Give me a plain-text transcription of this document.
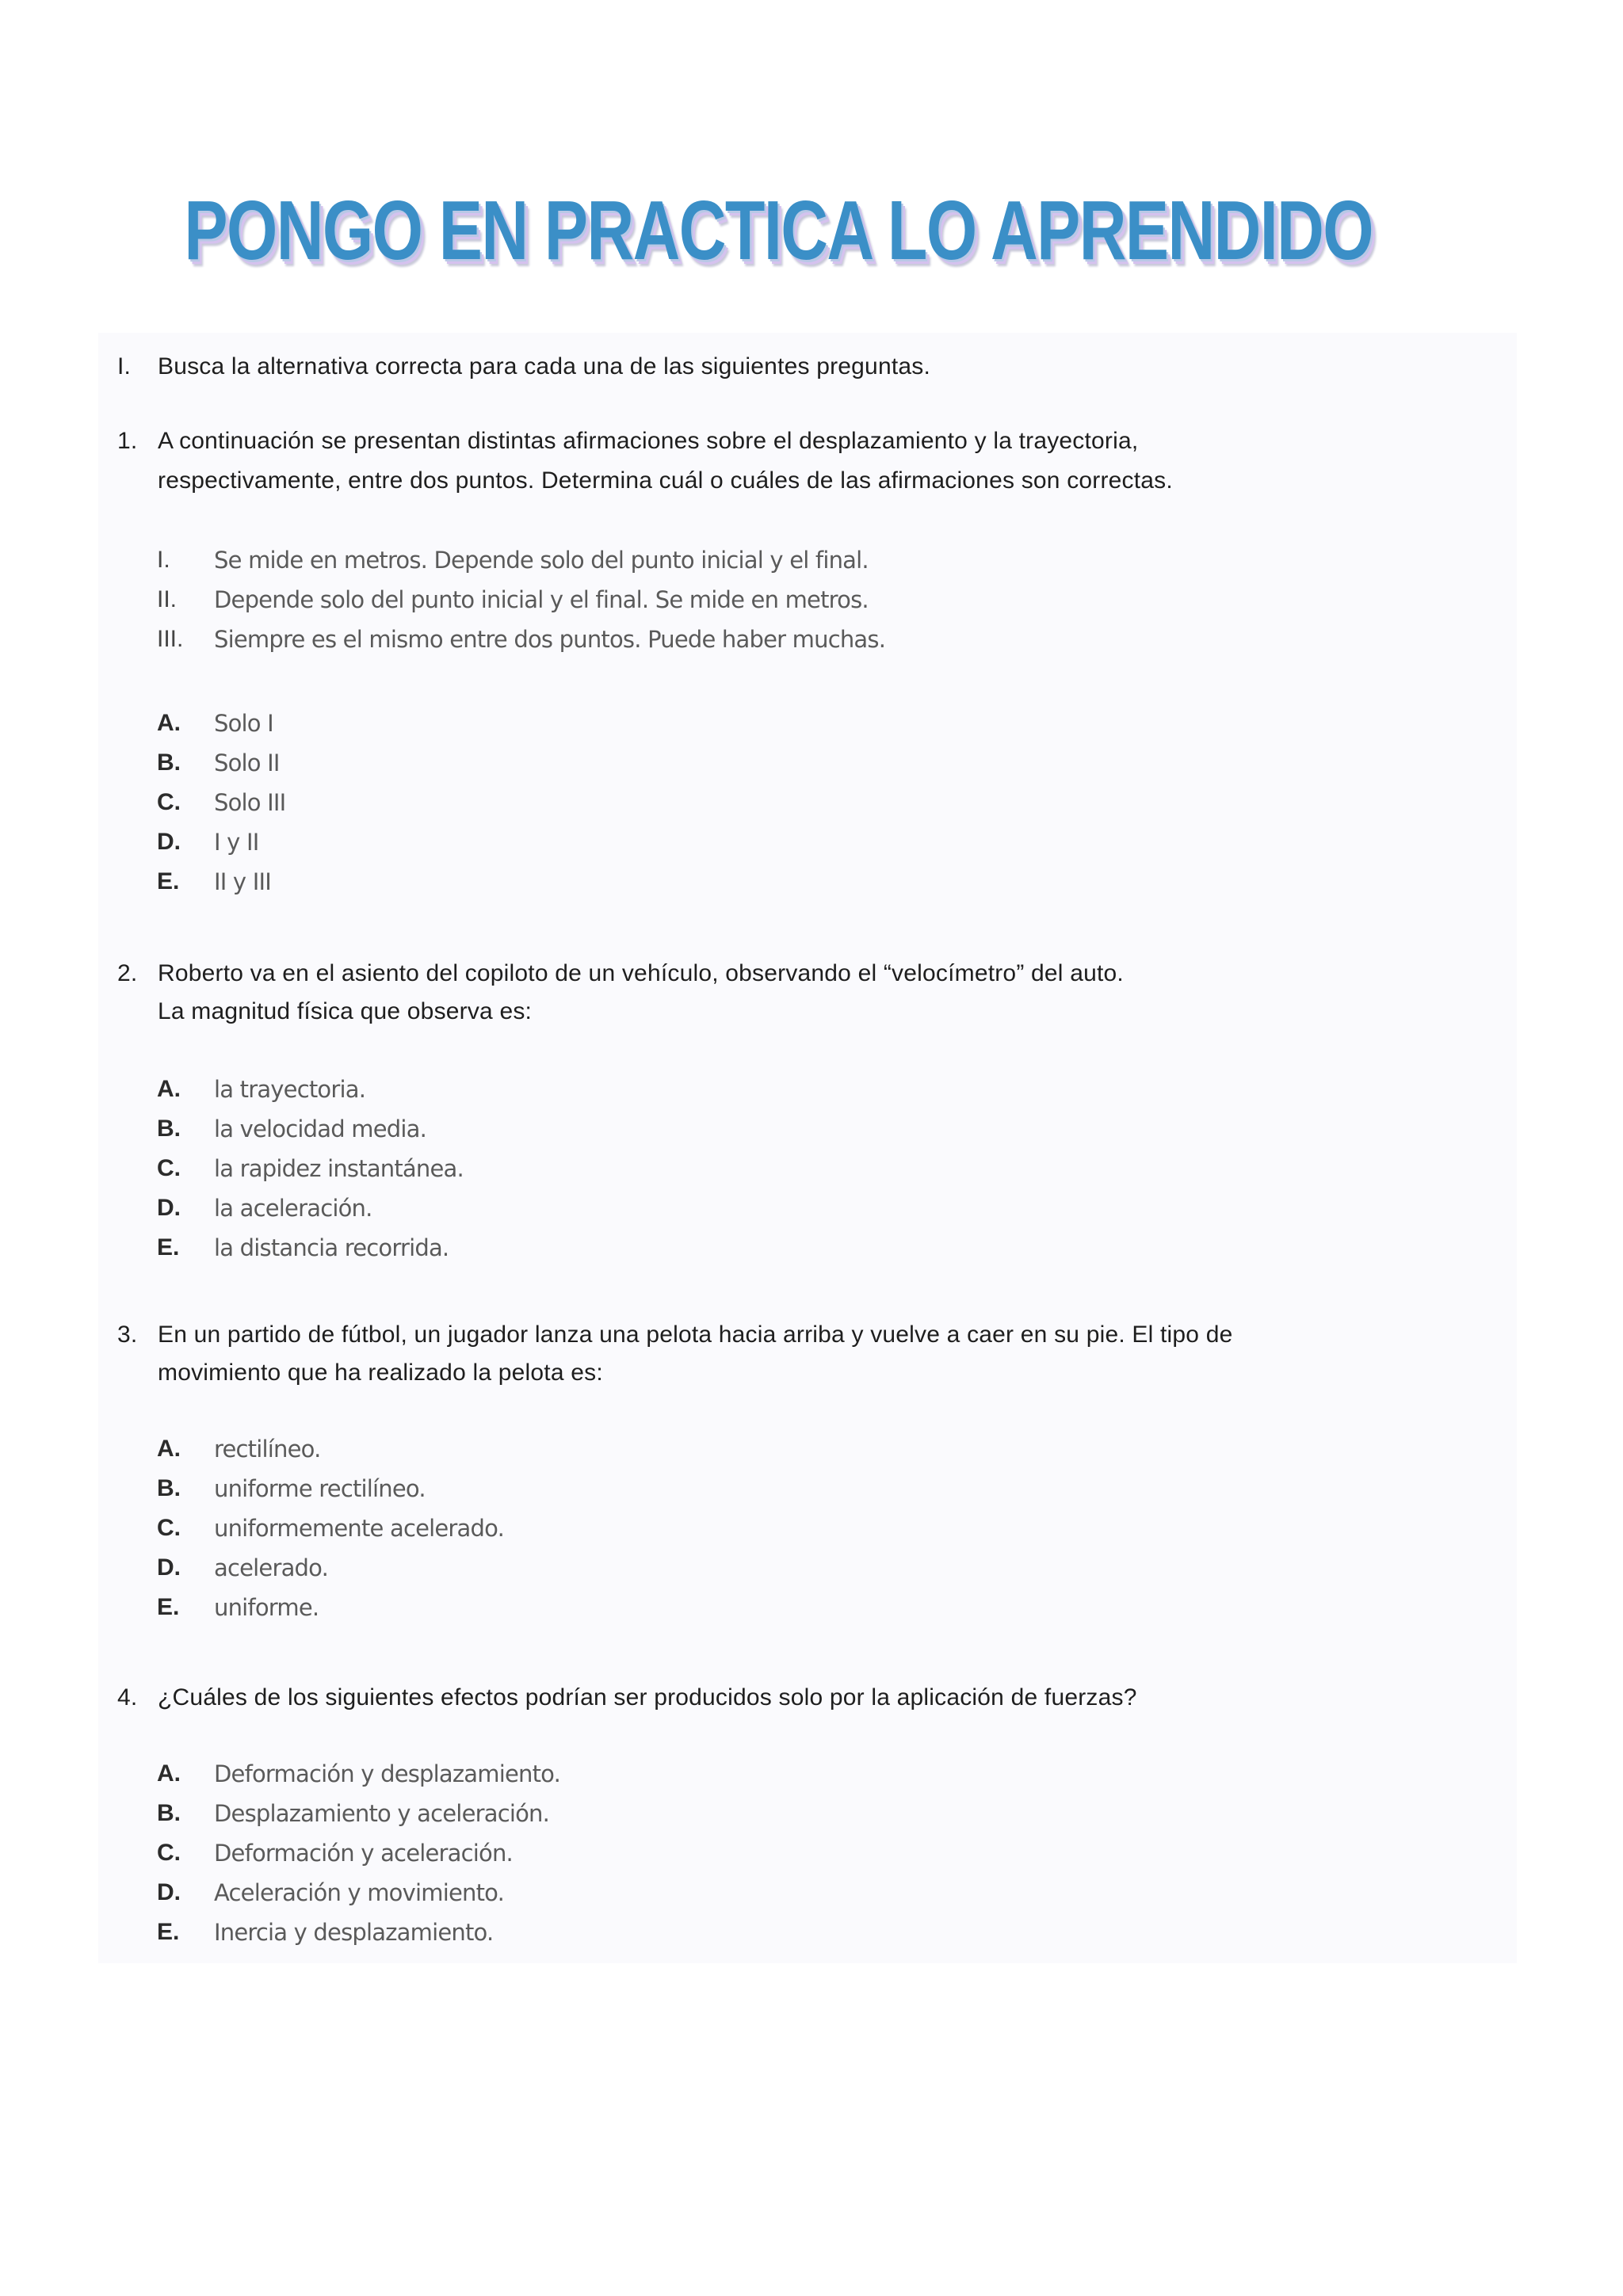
PONGO EN PRACTICA LO APRENDIDO
I. Busca la alternativa correcta para cada una de las siguientes preguntas.
1. A continuación se presentan distintas afirmaciones sobre el desplazamiento y la trayectoria,
respectivamente, entre dos puntos. Determina cuál o cuáles de las afirmaciones son correctas.
I. Se mide en metros. Depende solo del punto inicial y el final.
II. Depende solo del punto inicial y el final. Se mide en metros.
III. Siempre es el mismo entre dos puntos. Puede haber muchas.
A. Solo I
B. Solo II
C. Solo III
D. I y II
E. II y III
2. Roberto va en el asiento del copiloto de un vehículo, observando el “velocímetro” del auto.
La magnitud física que observa es:
A. la trayectoria.
B. la velocidad media.
C. la rapidez instantánea.
D. la aceleración.
E. la distancia recorrida.
3. En un partido de fútbol, un jugador lanza una pelota hacia arriba y vuelve a caer en su pie. El tipo de
movimiento que ha realizado la pelota es:
A. rectilíneo.
B. uniforme rectilíneo.
C. uniformemente acelerado.
D. acelerado.
E. uniforme.
4. ¿Cuáles de los siguientes efectos podrían ser producidos solo por la aplicación de fuerzas?
A. Deformación y desplazamiento.
B. Desplazamiento y aceleración.
C. Deformación y aceleración.
D. Aceleración y movimiento.
E. Inercia y desplazamiento.
